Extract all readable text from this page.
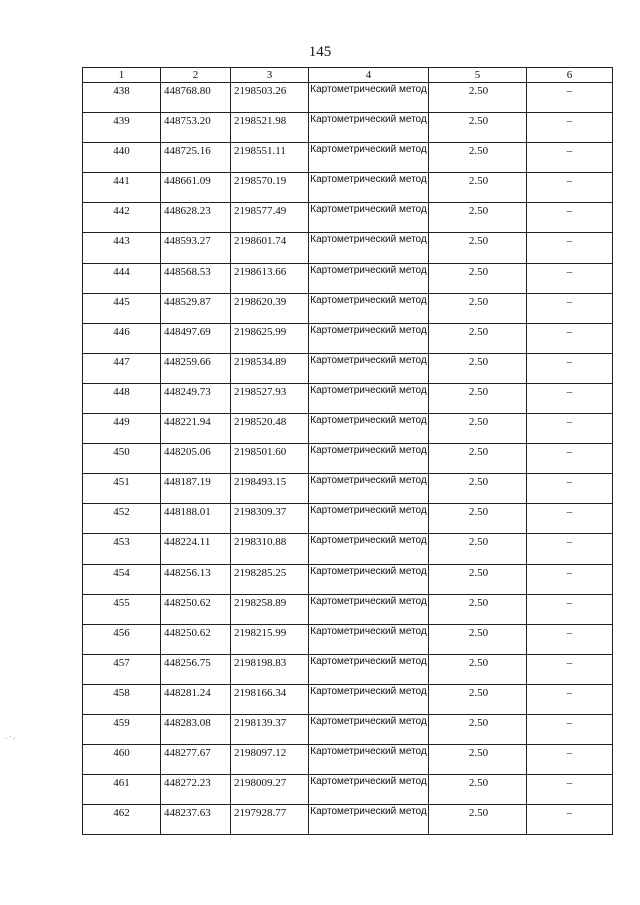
145
1	2	3	4	5	6
438	448768.80	2198503.26	Картометрический метод	2.50	–
439	448753.20	2198521.98	Картометрический метод	2.50	–
440	448725.16	2198551.11	Картометрический метод	2.50	–
441	448661.09	2198570.19	Картометрический метод	2.50	–
442	448628.23	2198577.49	Картометрический метод	2.50	–
443	448593.27	2198601.74	Картометрический метод	2.50	–
444	448568.53	2198613.66	Картометрический метод	2.50	–
445	448529.87	2198620.39	Картометрический метод	2.50	–
446	448497.69	2198625.99	Картометрический метод	2.50	–
447	448259.66	2198534.89	Картометрический метод	2.50	–
448	448249.73	2198527.93	Картометрический метод	2.50	–
449	448221.94	2198520.48	Картометрический метод	2.50	–
450	448205.06	2198501.60	Картометрический метод	2.50	–
451	448187.19	2198493.15	Картометрический метод	2.50	–
452	448188.01	2198309.37	Картометрический метод	2.50	–
453	448224.11	2198310.88	Картометрический метод	2.50	–
454	448256.13	2198285.25	Картометрический метод	2.50	–
455	448250.62	2198258.89	Картометрический метод	2.50	–
456	448250.62	2198215.99	Картометрический метод	2.50	–
457	448256.75	2198198.83	Картометрический метод	2.50	–
458	448281.24	2198166.34	Картометрический метод	2.50	–
459	448283.08	2198139.37	Картометрический метод	2.50	–
460	448277.67	2198097.12	Картометрический метод	2.50	–
461	448272.23	2198009.27	Картометрический метод	2.50	–
462	448237.63	2197928.77	Картометрический метод	2.50	–
· ˙ ·
